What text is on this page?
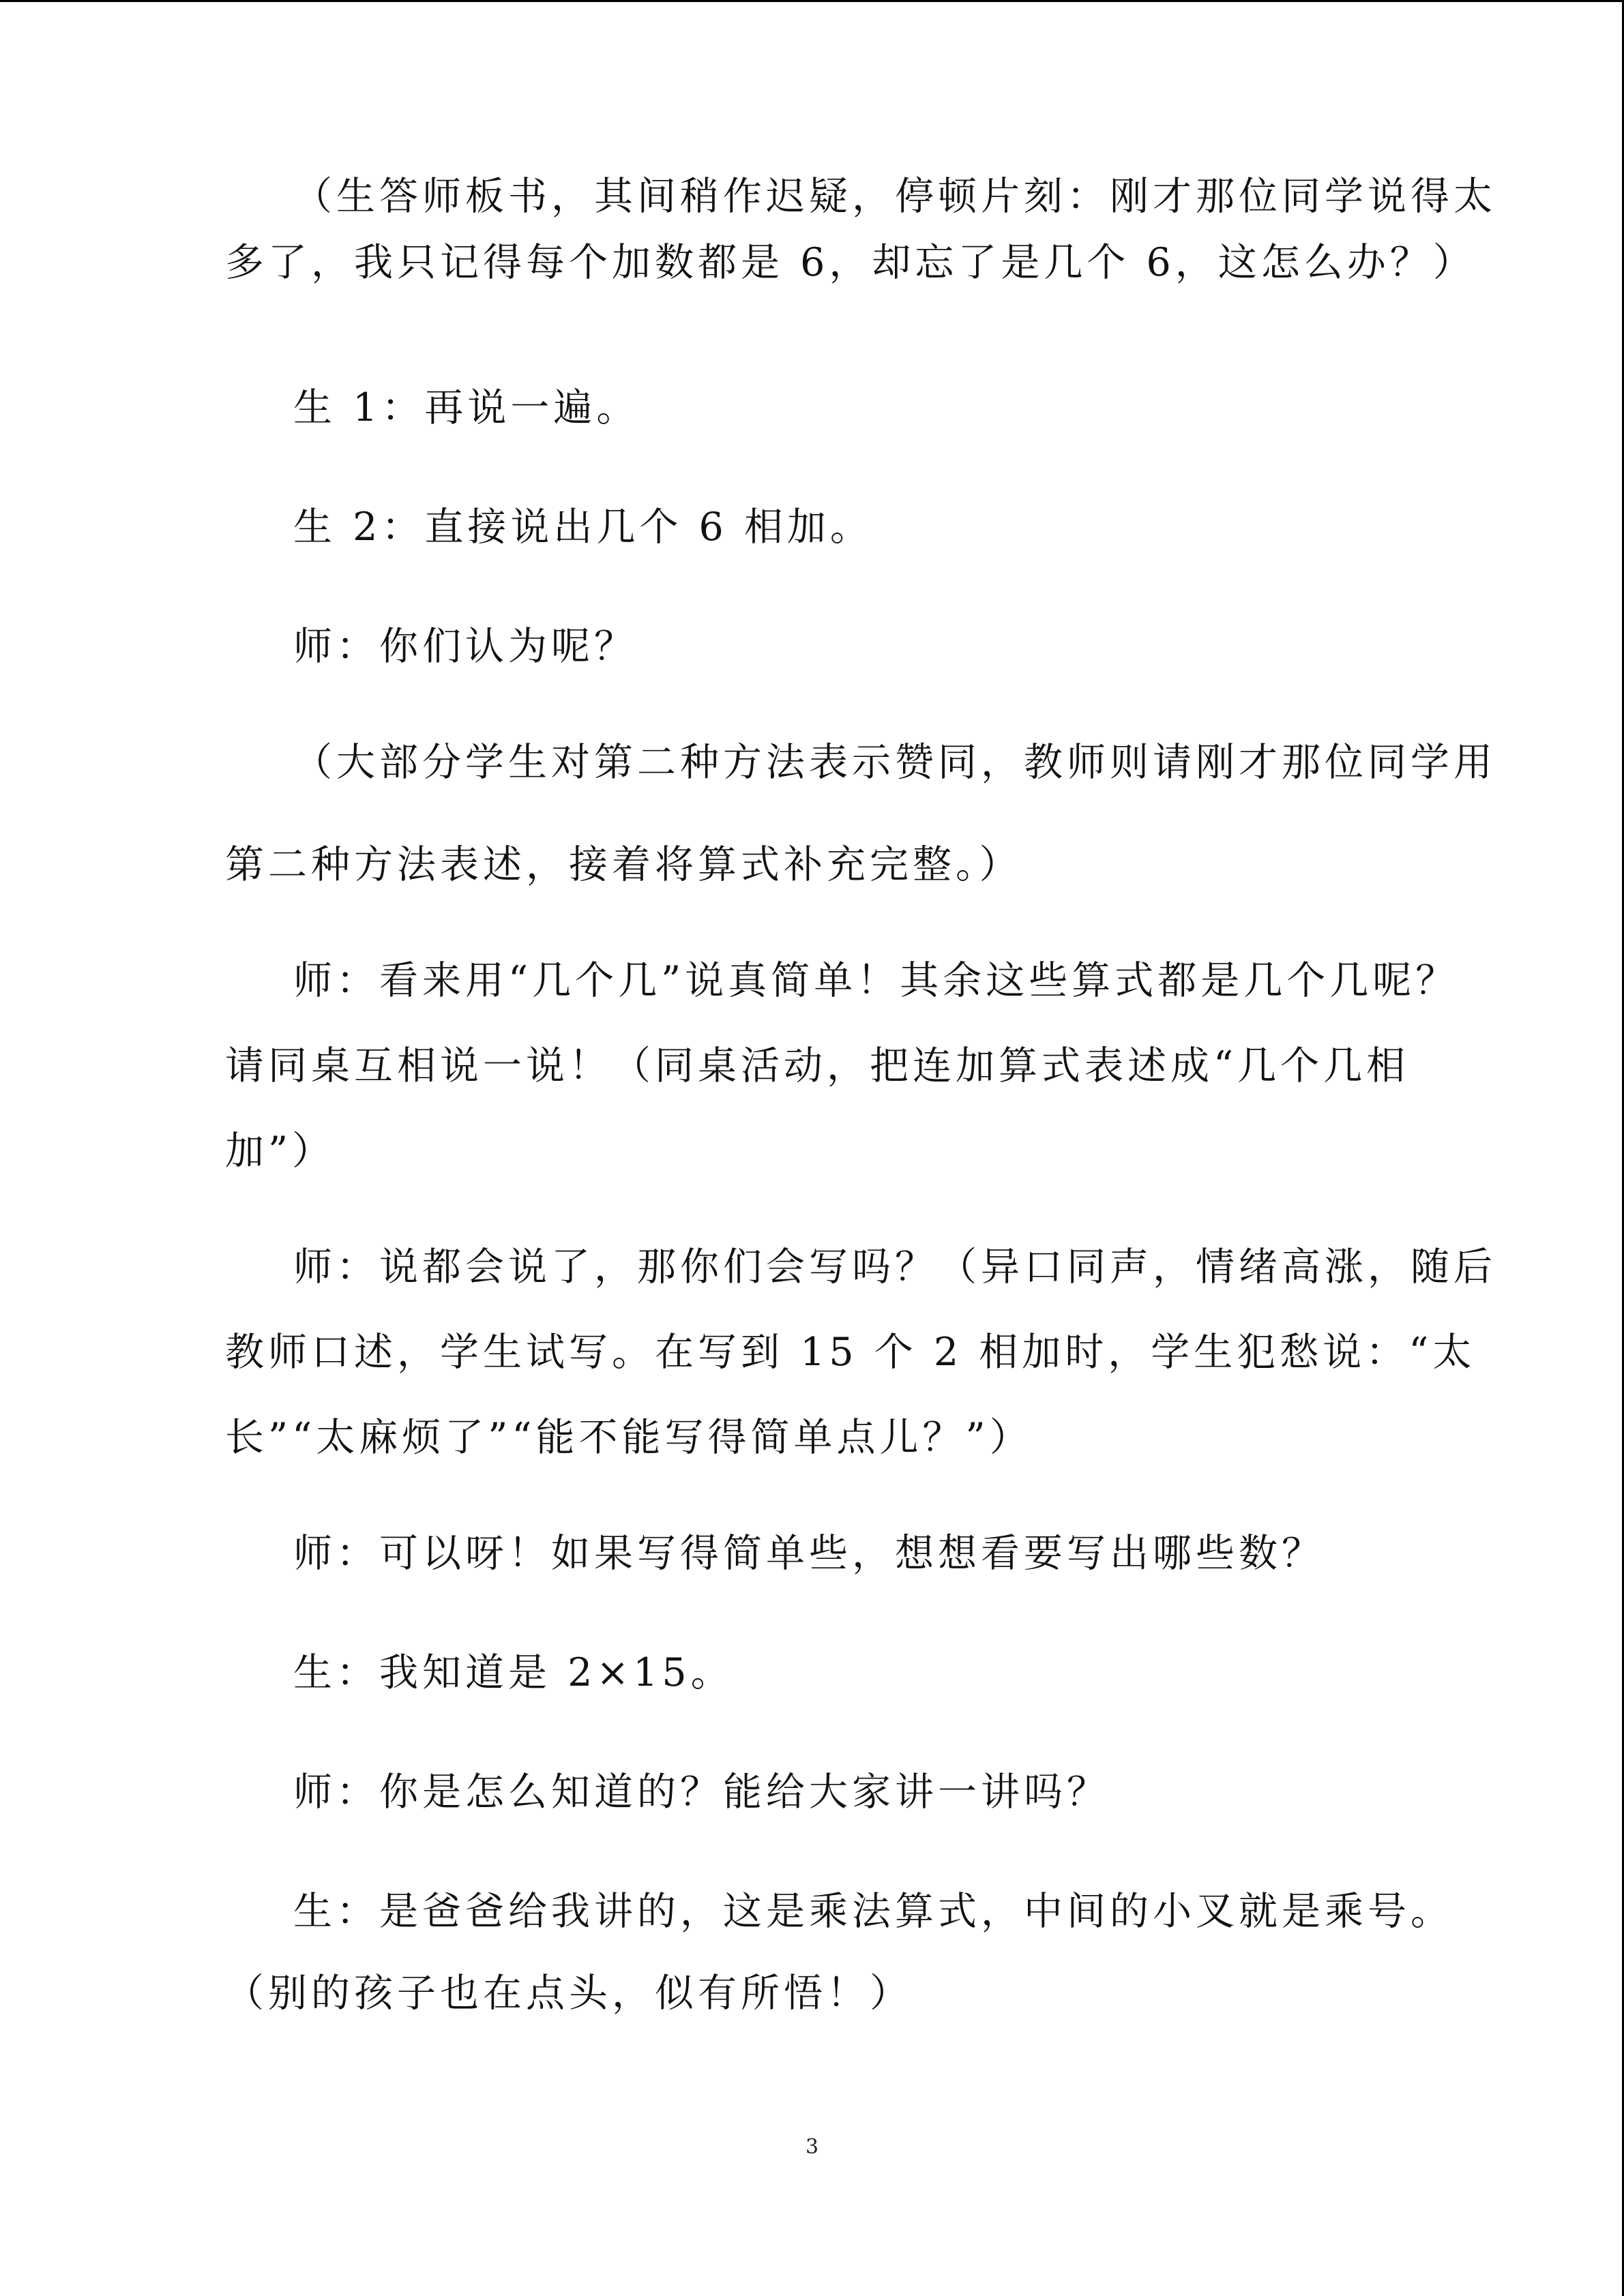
（生答师板书，其间稍作迟疑，停顿片刻：刚才那位同学说得太

多了，我只记得每个加数都是 6，却忘了是几个 6，这怎么办？）

生 1：再说一遍。

生 2：直接说出几个 6 相加。

师：你们认为呢？

（大部分学生对第二种方法表示赞同，教师则请刚才那位同学用

第二种方法表述，接着将算式补充完整。）

师：看来用“几个几”说真简单！其余这些算式都是几个几呢？

请同桌互相说一说！（同桌活动，把连加算式表述成“几个几相

加”）

师：说都会说了，那你们会写吗？（异口同声，情绪高涨，随后

教师口述，学生试写。在写到 15 个 2 相加时，学生犯愁说：“太

长”“太麻烦了”“能不能写得简单点儿？”）

师：可以呀！如果写得简单些，想想看要写出哪些数？

生：我知道是 2×15。

师：你是怎么知道的？能给大家讲一讲吗？

生：是爸爸给我讲的，这是乘法算式，中间的小叉就是乘号。

（别的孩子也在点头，似有所悟！）

3
